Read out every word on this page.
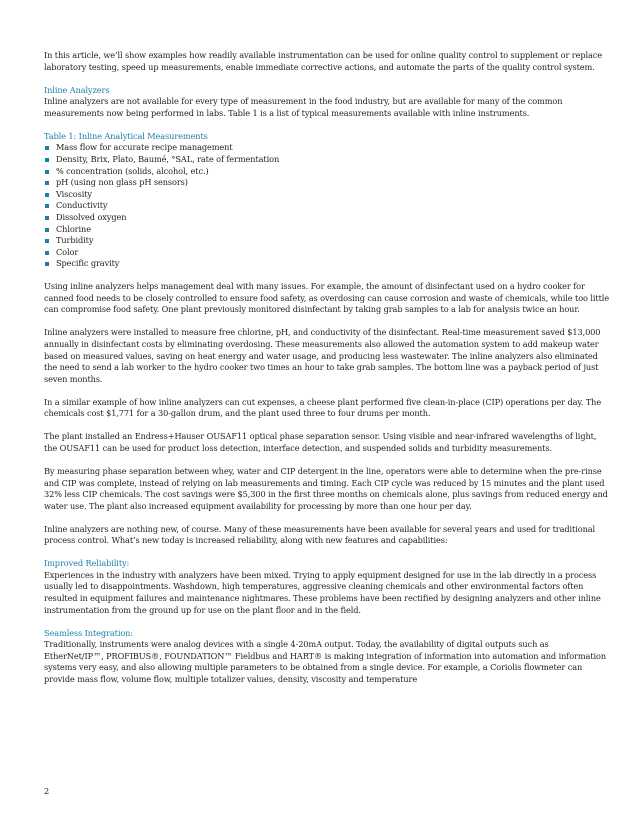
In this article, we’ll show examples how readily available instrumentation can be used for online quality control to supplement or replace laboratory testing, speed up measurements, enable immediate corrective actions, and automate the parts of the quality control system.

Inline Analyzers

Inline analyzers are not available for every type of measurement in the food industry, but are available for many of the common measurements now being performed in labs. Table 1 is a list of typical measurements available with inline instruments.

Table 1: Inline Analytical Measurements

Mass flow for accurate recipe management
Density, Brix, Plato, Baumé, °SAL, rate of fermentation
% concentration (solids, alcohol, etc.)
pH (using non glass pH sensors)
Viscosity
Conductivity
Dissolved oxygen
Chlorine
Turbidity
Color
Specific gravity

Using inline analyzers helps management deal with many issues. For example, the amount of disinfectant used on a hydro cooker for canned food needs to be closely controlled to ensure food safety, as overdosing can cause corrosion and waste of chemicals, while too little can compromise food safety. One plant previously monitored disinfectant by taking grab samples to a lab for analysis twice an hour.

Inline analyzers were installed to measure free chlorine, pH, and conductivity of the disinfectant. Real-time measurement saved $13,000 annually in disinfectant costs by eliminating overdosing. These measurements also allowed the automation system to add makeup water based on measured values, saving on heat energy and water usage, and producing less wastewater. The inline analyzers also eliminated the need to send a lab worker to the hydro cooker two times an hour to take grab samples. The bottom line was a payback period of just seven months.

In a similar example of how inline analyzers can cut expenses, a cheese plant performed five clean-in-place (CIP) operations per day. The chemicals cost $1,771 for a 30-gallon drum, and the plant used three to four drums per month.

The plant installed an Endress+Hauser OUSAF11 optical phase separation sensor. Using visible and near-infrared wavelengths of light, the OUSAF11 can be used for product loss detection, interface detection, and suspended solids and turbidity measurements.

By measuring phase separation between whey, water and CIP detergent in the line, operators were able to determine when the pre-rinse and CIP was complete, instead of relying on lab measurements and timing. Each CIP cycle was reduced by 15 minutes and the plant used 32% less CIP chemicals. The cost savings were $5,300 in the first three months on chemicals alone, plus savings from reduced energy and water use. The plant also increased equipment availability for processing by more than one hour per day.

Inline analyzers are nothing new, of course. Many of these measurements have been available for several years and used for traditional process control. What’s new today is increased reliability, along with new features and capabilities:

Improved Reliability:

Experiences in the industry with analyzers have been mixed. Trying to apply equipment designed for use in the lab directly in a process usually led to disappointments. Washdown, high temperatures, aggressive cleaning chemicals and other environmental factors often resulted in equipment failures and maintenance nightmares. These problems have been rectified by designing analyzers and other inline instrumentation from the ground up for use on the plant floor and in the field.

Seamless Integration:

Traditionally, instruments were analog devices with a single 4-20mA output. Today, the availability of digital outputs such as EtherNet/IP™, PROFIBUS®, FOUNDATION™ Fieldbus and HART® is making integration of information into automation and information systems very easy, and also allowing multiple parameters to be obtained from a single device. For example, a Coriolis flowmeter can provide mass flow, volume flow, multiple totalizer values, density, viscosity and temperature

2
